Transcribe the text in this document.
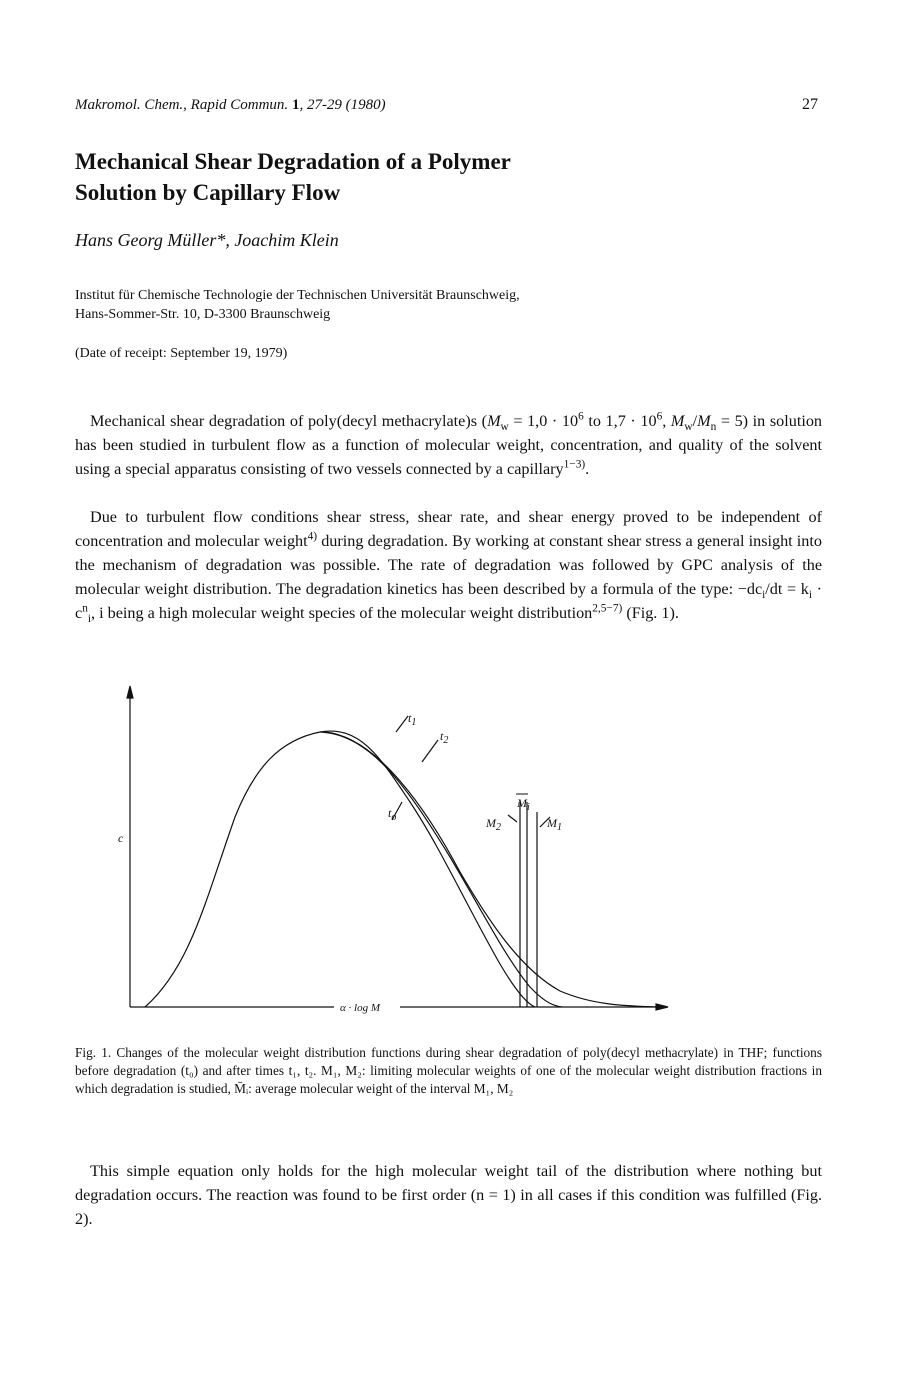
Makromol. Chem., Rapid Commun. 1, 27-29 (1980)	27
Mechanical Shear Degradation of a Polymer
Solution by Capillary Flow
Hans Georg Müller*, Joachim Klein
Institut für Chemische Technologie der Technischen Universität Braunschweig,
Hans-Sommer-Str. 10, D-3300 Braunschweig
(Date of receipt: September 19, 1979)

Mechanical shear degradation of poly(decyl methacrylate)s ($M_w = 1,0 \cdot 10^6$ to $1,7 \cdot 10^6$, $M_w/M_n = 5$) in solution has been studied in turbulent flow as a function of molecular weight, concentration, and quality of the solvent using a special apparatus consisting of two vessels connected by a capillary$^{1-3)}$.

Due to turbulent flow conditions shear stress, shear rate, and shear energy proved to be independent of concentration and molecular weight$^{4)}$ during degradation. By working at constant shear stress a general insight into the mechanism of degradation was possible. The rate of degradation was followed by GPC analysis of the molecular weight distribution. The degradation kinetics has been described by a formula of the type: $-dc_i/dt = k_i \cdot c^n_i$, i being a high molecular weight species of the molecular weight distribution$^{2,5-7)}$ (Fig. 1).

c
$t_1$
$t_2$
$t_o$	$M_2$	$M_1$
$M_i$
α · log M

Fig. 1. Changes of the molecular weight distribution functions during shear degradation of poly(decyl methacrylate) in THF; functions before degradation (t₀) and after times t₁, t₂. M₁, M₂: limiting molecular weights of one of the molecular weight distribution fractions in which degradation is studied, M̄ᵢ: average molecular weight of the interval M₁, M₂

This simple equation only holds for the high molecular weight tail of the distribution where nothing but degradation occurs. The reaction was found to be first order (n = 1) in all cases if this condition was fulfilled (Fig. 2).
